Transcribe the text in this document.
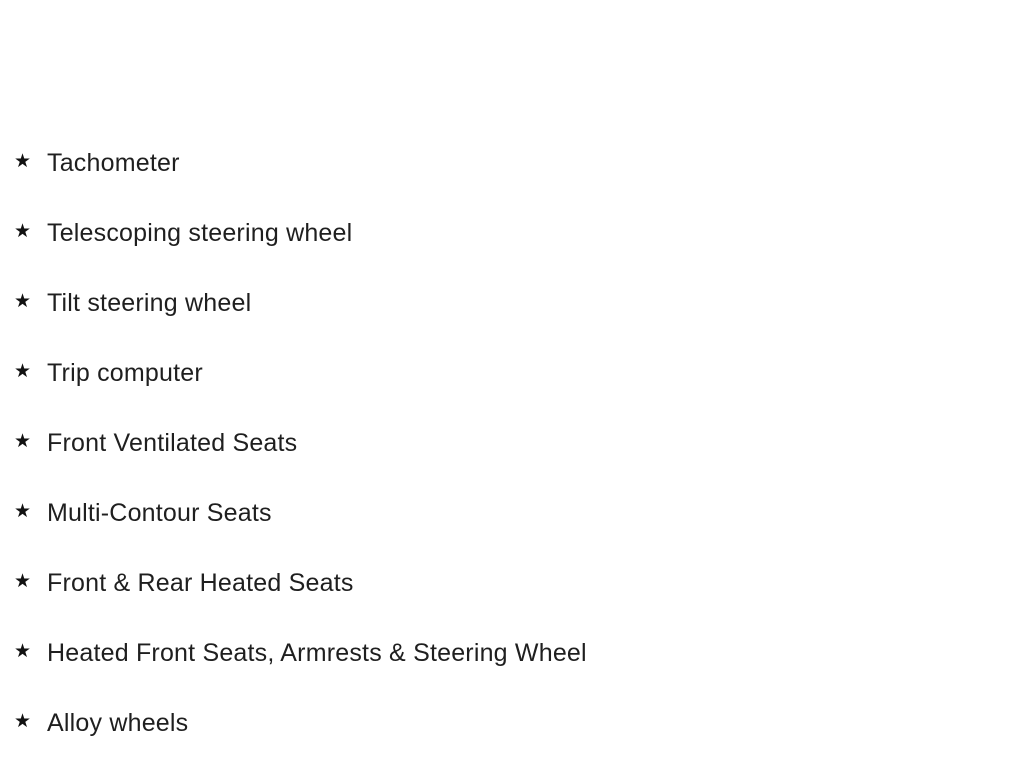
★ Tachometer
★ Telescoping steering wheel
★ Tilt steering wheel
★ Trip computer
★ Front Ventilated Seats
★ Multi-Contour Seats
★ Front & Rear Heated Seats
★ Heated Front Seats, Armrests & Steering Wheel
★ Alloy wheels
